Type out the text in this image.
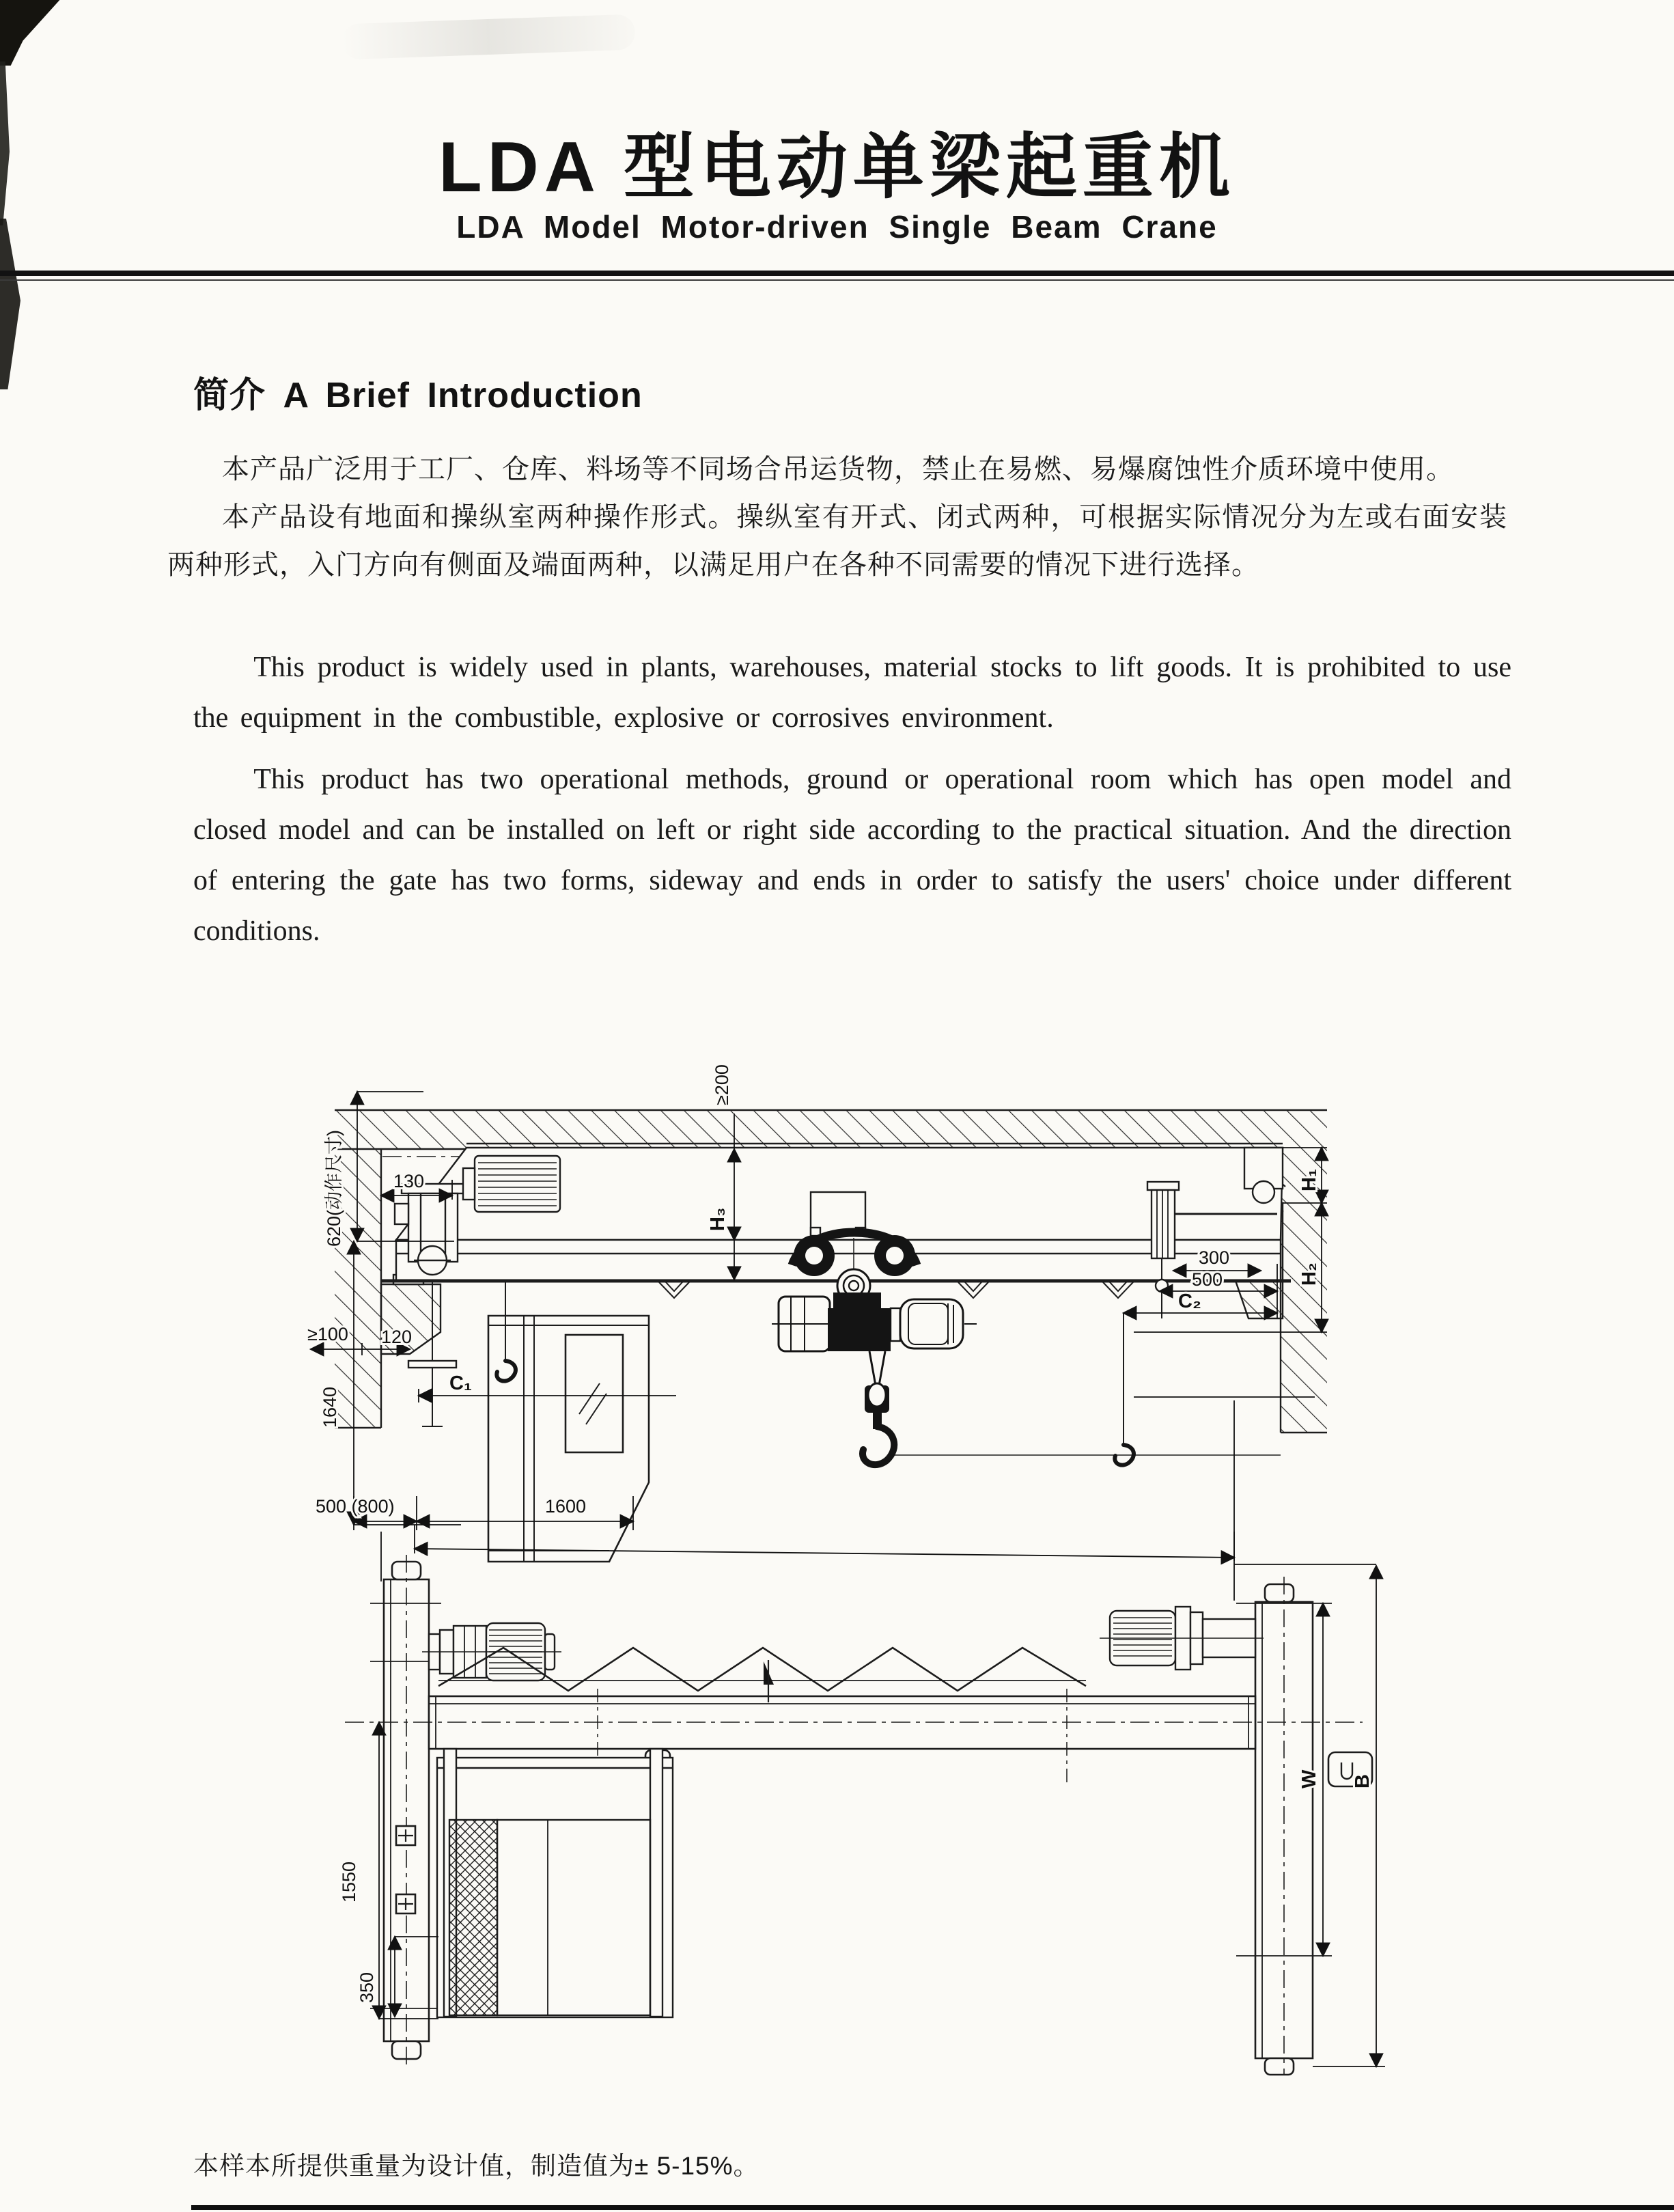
LDA 型电动单梁起重机
LDA Model Motor-driven Single Beam Crane
简介 A Brief Introduction

本产品广泛用于工厂、仓库、料场等不同场合吊运货物，禁止在易燃、易爆腐蚀性介质环境中使用。

本产品设有地面和操纵室两种操作形式。操纵室有开式、闭式两种，可根据实际情况分为左或右面安装两种形式，入门方向有侧面及端面两种，以满足用户在各种不同需要的情况下进行选择。

This product is widely used in plants, warehouses, material stocks to lift goods. It is prohibited to use the equipment in the combustible, explosive or corrosives environment.

This product has two operational methods, ground or operational room which has open model and closed model and can be installed on left or right side according to the practical situation. And the direction of entering the gate has two forms, sideway and ends in order to satisfy the users' choice under different conditions.

620(动作尺寸)	130
≥200
H₃
H₁
H₂
≥100 120
1640
C₁
300
500
C₂
500 (800)	1600
1550
350
W B
本样本所提供重量为设计值，制造值为± 5-15%。
